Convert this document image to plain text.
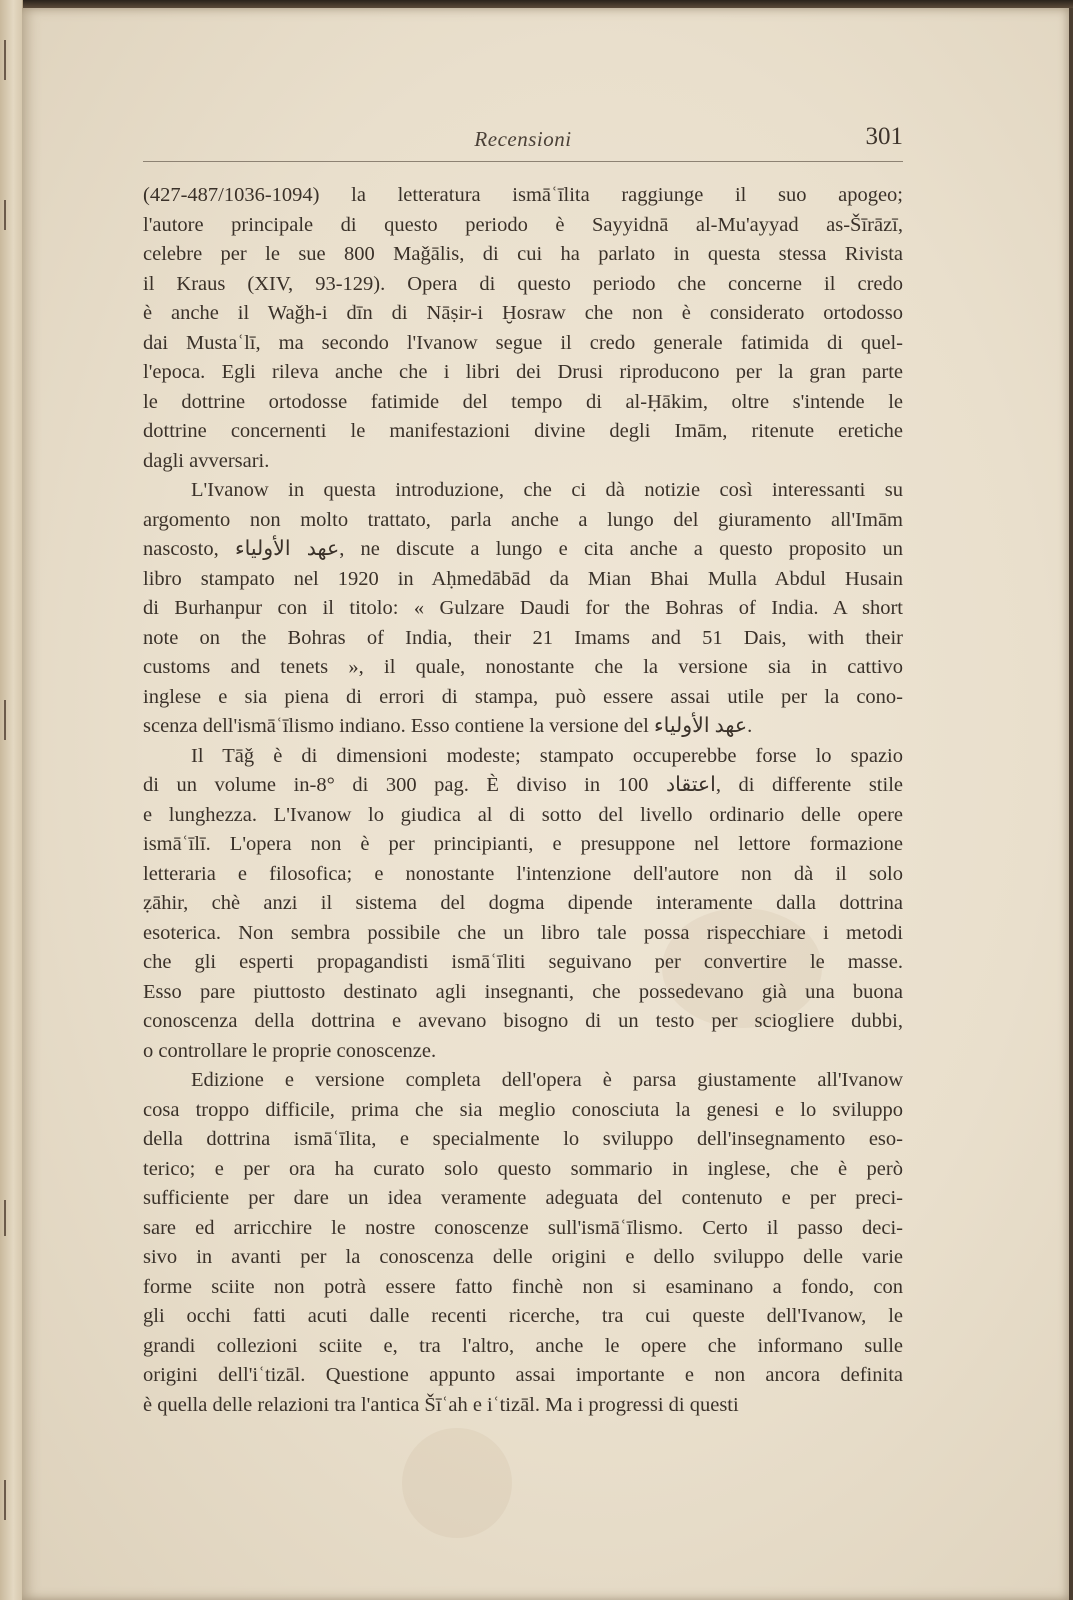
Recensioni	301
(427-487/1036-1094) la letteratura ismāʿīlita raggiunge il suo apogeo;
l'autore principale di questo periodo è Sayyidnā al-Mu'ayyad as-Šīrāzī,
celebre per le sue 800 Maǧālis, di cui ha parlato in questa stessa Rivista
il Kraus (XIV, 93-129). Opera di questo periodo che concerne il credo
è anche il Waǧh-i dīn di Nāṣir-i Ḫosraw che non è considerato ortodosso
dai Mustaʿlī, ma secondo l'Ivanow segue il credo generale fatimida di quel-
l'epoca. Egli rileva anche che i libri dei Drusi riproducono per la gran parte
le dottrine ortodosse fatimide del tempo di al-Ḥākim, oltre s'intende le
dottrine concernenti le manifestazioni divine degli Imām, ritenute eretiche
dagli avversari.
L'Ivanow in questa introduzione, che ci dà notizie così interessanti su
argomento non molto trattato, parla anche a lungo del giuramento all'Imām
nascosto, عهد الأولياء, ne discute a lungo e cita anche a questo proposito un
libro stampato nel 1920 in Aḥmedābād da Mian Bhai Mulla Abdul Husain
di Burhanpur con il titolo: « Gulzare Daudi for the Bohras of India. A short
note on the Bohras of India, their 21 Imams and 51 Dais, with their
customs and tenets », il quale, nonostante che la versione sia in cattivo
inglese e sia piena di errori di stampa, può essere assai utile per la cono-
scenza dell'ismāʿīlismo indiano. Esso contiene la versione del عهد الأولياء.
Il Tāǧ è di dimensioni modeste; stampato occuperebbe forse lo spazio
di un volume in-8° di 300 pag. È diviso in 100 اعتقاد, di differente stile
e lunghezza. L'Ivanow lo giudica al di sotto del livello ordinario delle opere
ismāʿīlī. L'opera non è per principianti, e presuppone nel lettore formazione
letteraria e filosofica; e nonostante l'intenzione dell'autore non dà il solo
ẓāhir, chè anzi il sistema del dogma dipende interamente dalla dottrina
esoterica. Non sembra possibile che un libro tale possa rispecchiare i metodi
che gli esperti propagandisti ismāʿīliti seguivano per convertire le masse.
Esso pare piuttosto destinato agli insegnanti, che possedevano già una buona
conoscenza della dottrina e avevano bisogno di un testo per sciogliere dubbi,
o controllare le proprie conoscenze.
Edizione e versione completa dell'opera è parsa giustamente all'Ivanow
cosa troppo difficile, prima che sia meglio conosciuta la genesi e lo sviluppo
della dottrina ismāʿīlita, e specialmente lo sviluppo dell'insegnamento eso-
terico; e per ora ha curato solo questo sommario in inglese, che è però
sufficiente per dare un idea veramente adeguata del contenuto e per preci-
sare ed arricchire le nostre conoscenze sull'ismāʿīlismo. Certo il passo deci-
sivo in avanti per la conoscenza delle origini e dello sviluppo delle varie
forme sciite non potrà essere fatto finchè non si esaminano a fondo, con
gli occhi fatti acuti dalle recenti ricerche, tra cui queste dell'Ivanow, le
grandi collezioni sciite e, tra l'altro, anche le opere che informano sulle
origini dell'iʿtizāl. Questione appunto assai importante e non ancora definita
è quella delle relazioni tra l'antica Šīʿah e iʿtizāl. Ma i progressi di questi
